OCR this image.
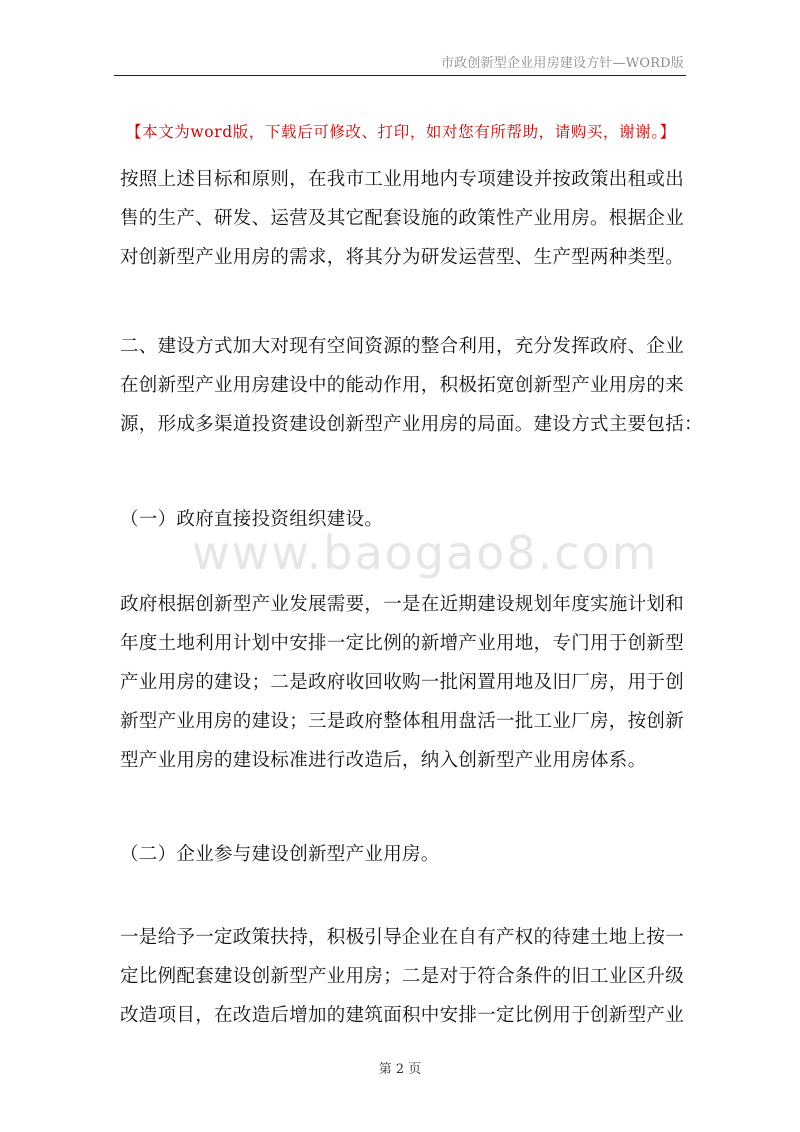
市政创新型企业用房建设方针—WORD版
【本文为word版，下载后可修改、打印，如对您有所帮助，请购买，谢谢。】
按照上述目标和原则，在我市工业用地内专项建设并按政策出租或出
售的生产、研发、运营及其它配套设施的政策性产业用房。根据企业
对创新型产业用房的需求，将其分为研发运营型、生产型两种类型。
二、建设方式加大对现有空间资源的整合利用，充分发挥政府、企业
在创新型产业用房建设中的能动作用，积极拓宽创新型产业用房的来
源，形成多渠道投资建设创新型产业用房的局面。建设方式主要包括：
（一）政府直接投资组织建设。
www.baogao8.com
政府根据创新型产业发展需要，一是在近期建设规划年度实施计划和
年度土地利用计划中安排一定比例的新增产业用地，专门用于创新型
产业用房的建设；二是政府收回收购一批闲置用地及旧厂房，用于创
新型产业用房的建设；三是政府整体租用盘活一批工业厂房，按创新
型产业用房的建设标准进行改造后，纳入创新型产业用房体系。
（二）企业参与建设创新型产业用房。
一是给予一定政策扶持，积极引导企业在自有产权的待建土地上按一
定比例配套建设创新型产业用房；二是对于符合条件的旧工业区升级
改造项目，在改造后增加的建筑面积中安排一定比例用于创新型产业
第 2 页
